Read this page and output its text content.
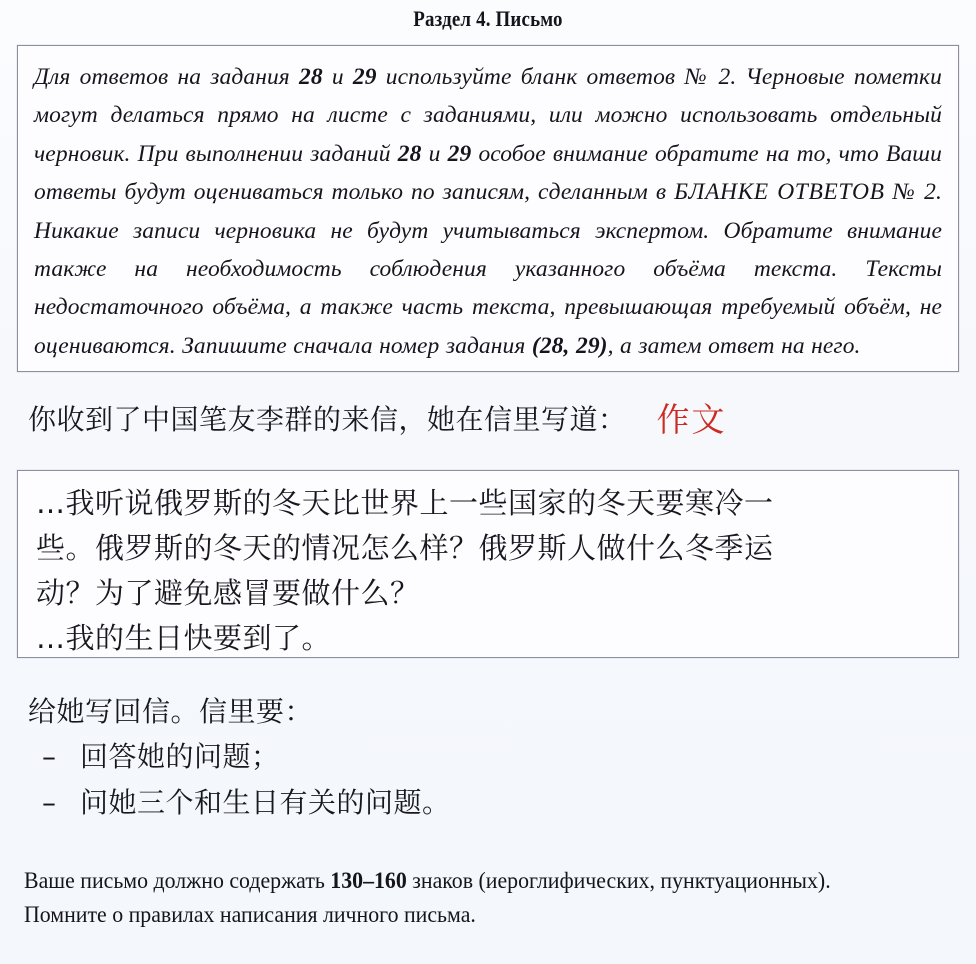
Раздел 4. Письмо
Для ответов на задания 28 и 29 используйте бланк ответов № 2. Черновые пометки могут делаться прямо на листе с заданиями, или можно использовать отдельный черновик. При выполнении заданий 28 и 29 особое внимание обратите на то, что Ваши ответы будут оцениваться только по записям, сделанным в БЛАНКЕ ОТВЕТОВ № 2. Никакие записи черновика не будут учитываться экспертом. Обратите внимание также на необходимость соблюдения указанного объёма текста. Тексты недостаточного объёма, а также часть текста, превышающая требуемый объём, не оцениваются. Запишите сначала номер задания (28, 29), а затем ответ на него.
你收到了中国笔友李群的来信，她在信里写道： 作文
…我听说俄罗斯的冬天比世界上一些国家的冬天要寒冷一
些。俄罗斯的冬天的情况怎么样？俄罗斯人做什么冬季运
动？为了避免感冒要做什么？
…我的生日快要到了。
给她写回信。信里要：
– 回答她的问题；
– 问她三个和生日有关的问题。
Ваше письмо должно содержать 130–160 знаков (иероглифических, пунктуационных).
Помните о правилах написания личного письма.
